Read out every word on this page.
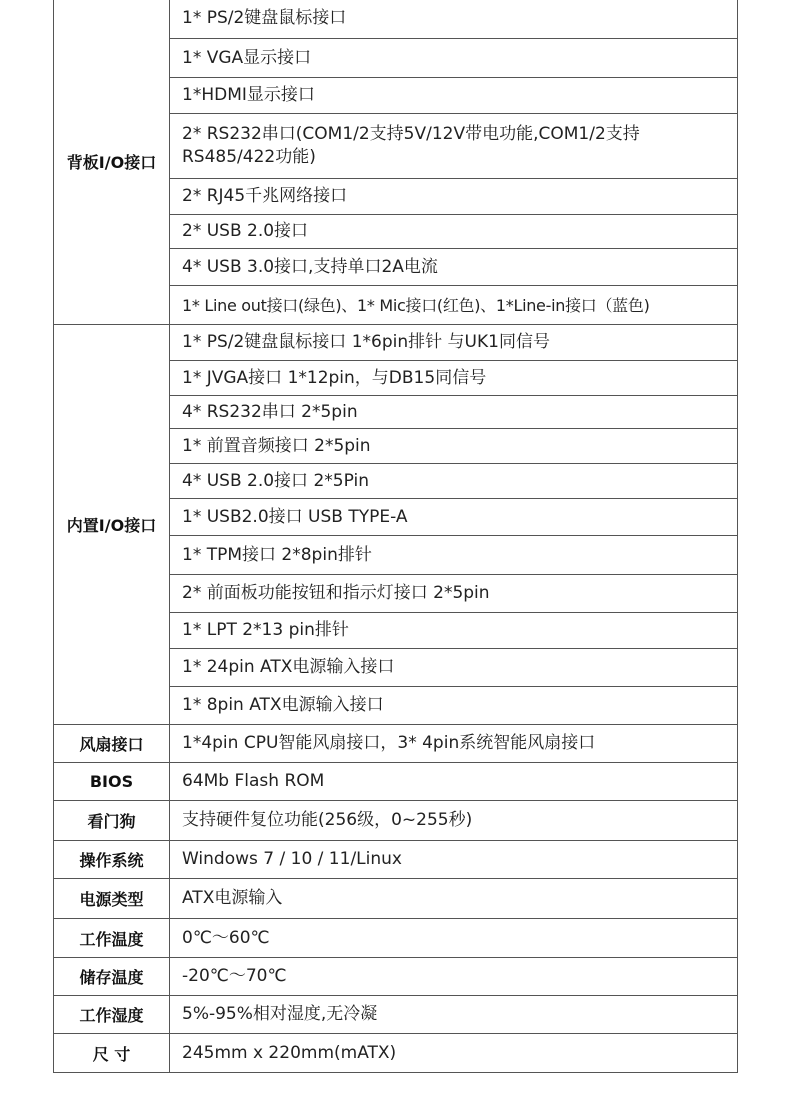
背板I/O接口	1* PS/2键盘鼠标接口
	1* VGA显示接口
	1*HDMI显示接口
	2* RS232串口(COM1/2支持5V/12V带电功能,COM1/2支持RS485/422功能)
	2* RJ45千兆网络接口
	2* USB 2.0接口
	4* USB 3.0接口,支持单口2A电流
	1* Line out接口(绿色)、1* Mic接口(红色)、1*Line-in接口（蓝色)
内置I/O接口	1* PS/2键盘鼠标接口 1*6pin排针 与UK1同信号
	1* JVGA接口 1*12pin，与DB15同信号
	4* RS232串口 2*5pin
	1* 前置音频接口 2*5pin
	4* USB 2.0接口 2*5Pin
	1* USB2.0接口 USB TYPE-A
	1* TPM接口 2*8pin排针
	2* 前面板功能按钮和指示灯接口 2*5pin
	1* LPT 2*13 pin排针
	1* 24pin ATX电源输入接口
	1* 8pin ATX电源输入接口
风扇接口	1*4pin CPU智能风扇接口，3* 4pin系统智能风扇接口
BIOS	64Mb Flash ROM
看门狗	支持硬件复位功能(256级，0~255秒)
操作系统	Windows 7 / 10 / 11/Linux
电源类型	ATX电源输入
工作温度	0℃～60℃
储存温度	-20℃～70℃
工作湿度	5%-95%相对湿度,无冷凝
尺 寸	245mm x 220mm(mATX)
